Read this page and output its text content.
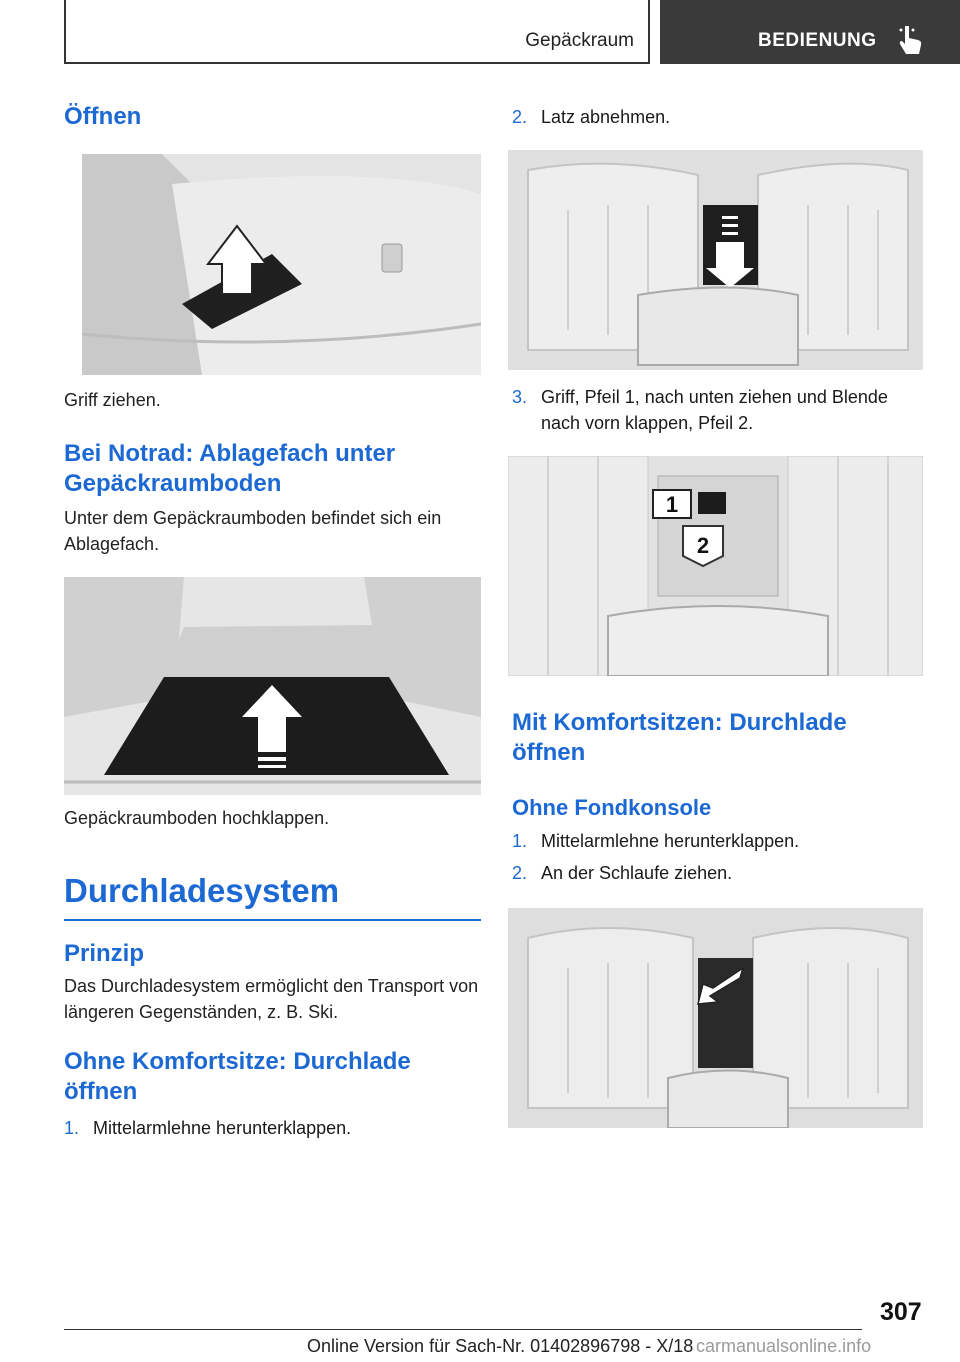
Gepäckraum	BEDIENUNG
Öffnen
Griff ziehen.
Bei Notrad: Ablagefach unter Gepäckraumboden
Unter dem Gepäckraumboden befindet sich ein Ablagefach.
Gepäckraumboden hochklappen.
Durchladesystem
Prinzip
Das Durchladesystem ermöglicht den Transport von längeren Gegenständen, z. B. Ski.
Ohne Komfortsitze: Durchlade öffnen
1. Mittelarmlehne herunterklappen.
2. Latz abnehmen.
3. Griff, Pfeil 1, nach unten ziehen und Blende nach vorn klappen, Pfeil 2.
1
2
Mit Komfortsitzen: Durchlade öffnen
Ohne Fondkonsole
1. Mittelarmlehne herunterklappen.
2. An der Schlaufe ziehen.
307
Online Version für Sach-Nr. 01402896798 - X/18 carmanualsonline.info
